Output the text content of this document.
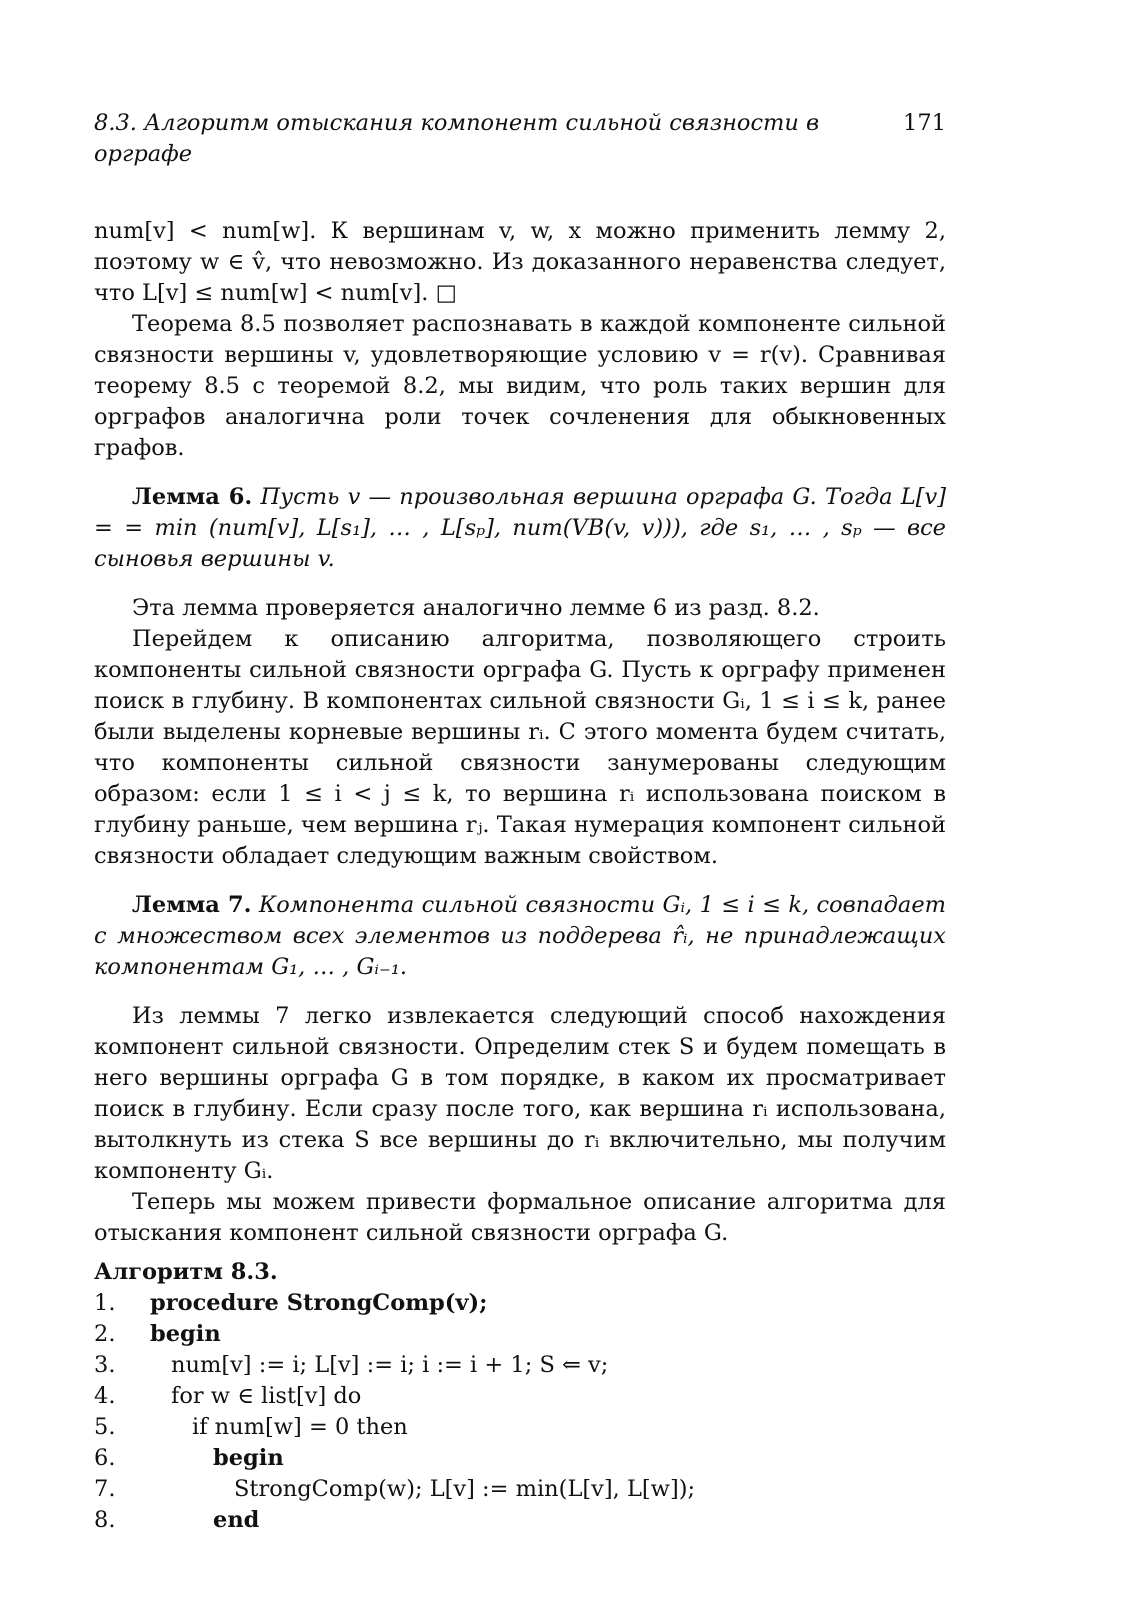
8.3. Алгоритм отыскания компонент сильной связности в орграфе
171

num[v] < num[w]. К вершинам v, w, x можно применить лемму 2, поэтому w ∈ v̂, что невозможно. Из доказанного неравенства следует, что L[v] ≤ num[w] < num[v]. □

Теорема 8.5 позволяет распознавать в каждой компоненте сильной связности вершины v, удовлетворяющие условию v = r(v). Сравнивая теорему 8.5 с теоремой 8.2, мы видим, что роль таких вершин для орграфов аналогична роли точек сочленения для обыкновенных графов.

Лемма 6. Пусть v — произвольная вершина орграфа G. Тогда L[v] = = min (num[v], L[s₁], … , L[sₚ], num(VB(v, v))), где s₁, … , sₚ — все сыновья вершины v.

Эта лемма проверяется аналогично лемме 6 из разд. 8.2.

Перейдем к описанию алгоритма, позволяющего строить компоненты сильной связности орграфа G. Пусть к орграфу применен поиск в глубину. В компонентах сильной связности Gᵢ, 1 ≤ i ≤ k, ранее были выделены корневые вершины rᵢ. С этого момента будем считать, что компоненты сильной связности занумерованы следующим образом: если 1 ≤ i < j ≤ k, то вершина rᵢ использована поиском в глубину раньше, чем вершина rⱼ. Такая нумерация компонент сильной связности обладает следующим важным свойством.

Лемма 7. Компонента сильной связности Gᵢ, 1 ≤ i ≤ k, совпадает с множеством всех элементов из поддерева r̂ᵢ, не принадлежащих компонентам G₁, … , Gᵢ₋₁.

Из леммы 7 легко извлекается следующий способ нахождения компонент сильной связности. Определим стек S и будем помещать в него вершины орграфа G в том порядке, в каком их просматривает поиск в глубину. Если сразу после того, как вершина rᵢ использована, вытолкнуть из стека S все вершины до rᵢ включительно, мы получим компоненту Gᵢ.

Теперь мы можем привести формальное описание алгоритма для отыскания компонент сильной связности орграфа G.

Алгоритм 8.3.
1.	procedure StrongComp(v);
2.	begin
3.	num[v] := i; L[v] := i; i := i + 1; S ⇐ v;
4.	for w ∈ list[v] do
5.	if num[w] = 0 then
6.	begin
7.	StrongComp(w); L[v] := min(L[v], L[w]);
8.	end
